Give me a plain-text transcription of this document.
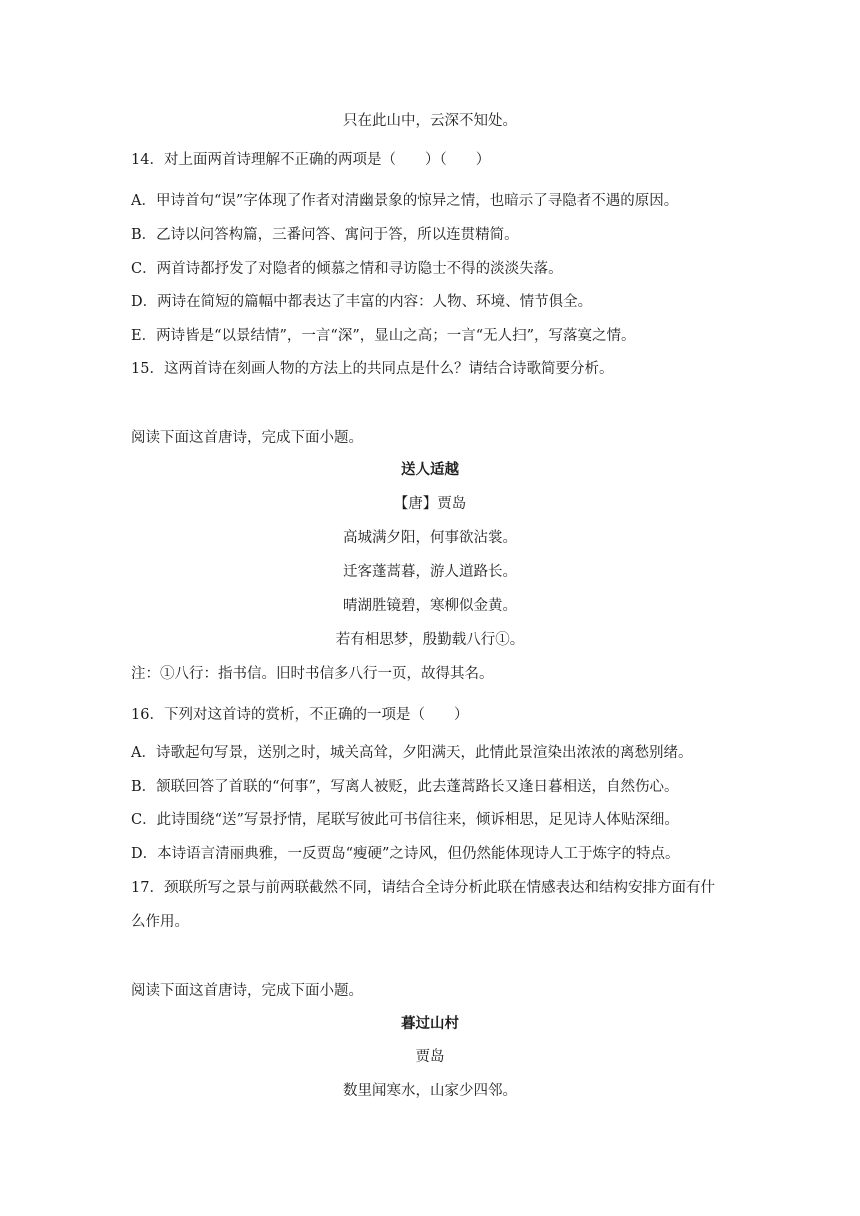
只在此山中，云深不知处。
14．对上面两首诗理解不正确的两项是（　　）（　　）
A．甲诗首句“误”字体现了作者对清幽景象的惊异之情，也暗示了寻隐者不遇的原因。
B．乙诗以问答构篇，三番问答、寓问于答，所以连贯精简。
C．两首诗都抒发了对隐者的倾慕之情和寻访隐士不得的淡淡失落。
D．两诗在简短的篇幅中都表达了丰富的内容：人物、环境、情节俱全。
E．两诗皆是“以景结情”，一言“深”，显山之高；一言“无人扫”，写落寞之情。
15．这两首诗在刻画人物的方法上的共同点是什么？请结合诗歌简要分析。
阅读下面这首唐诗，完成下面小题。
送人适越
【唐】贾岛
高城满夕阳，何事欲沾裳。
迁客蓬蒿暮，游人道路长。
晴湖胜镜碧，寒柳似金黄。
若有相思梦，殷勤载八行①。
注：①八行：指书信。旧时书信多八行一页，故得其名。
16．下列对这首诗的赏析，不正确的一项是（　　）
A．诗歌起句写景，送别之时，城关高耸，夕阳满天，此情此景渲染出浓浓的离愁别绪。
B．颔联回答了首联的“何事”，写离人被贬，此去蓬蒿路长又逢日暮相送，自然伤心。
C．此诗围绕“送”写景抒情，尾联写彼此可书信往来，倾诉相思，足见诗人体贴深细。
D．本诗语言清丽典雅，一反贾岛“瘦硬”之诗风，但仍然能体现诗人工于炼字的特点。
17．颈联所写之景与前两联截然不同，请结合全诗分析此联在情感表达和结构安排方面有什
么作用。
阅读下面这首唐诗，完成下面小题。
暮过山村
贾岛
数里闻寒水，山家少四邻。
